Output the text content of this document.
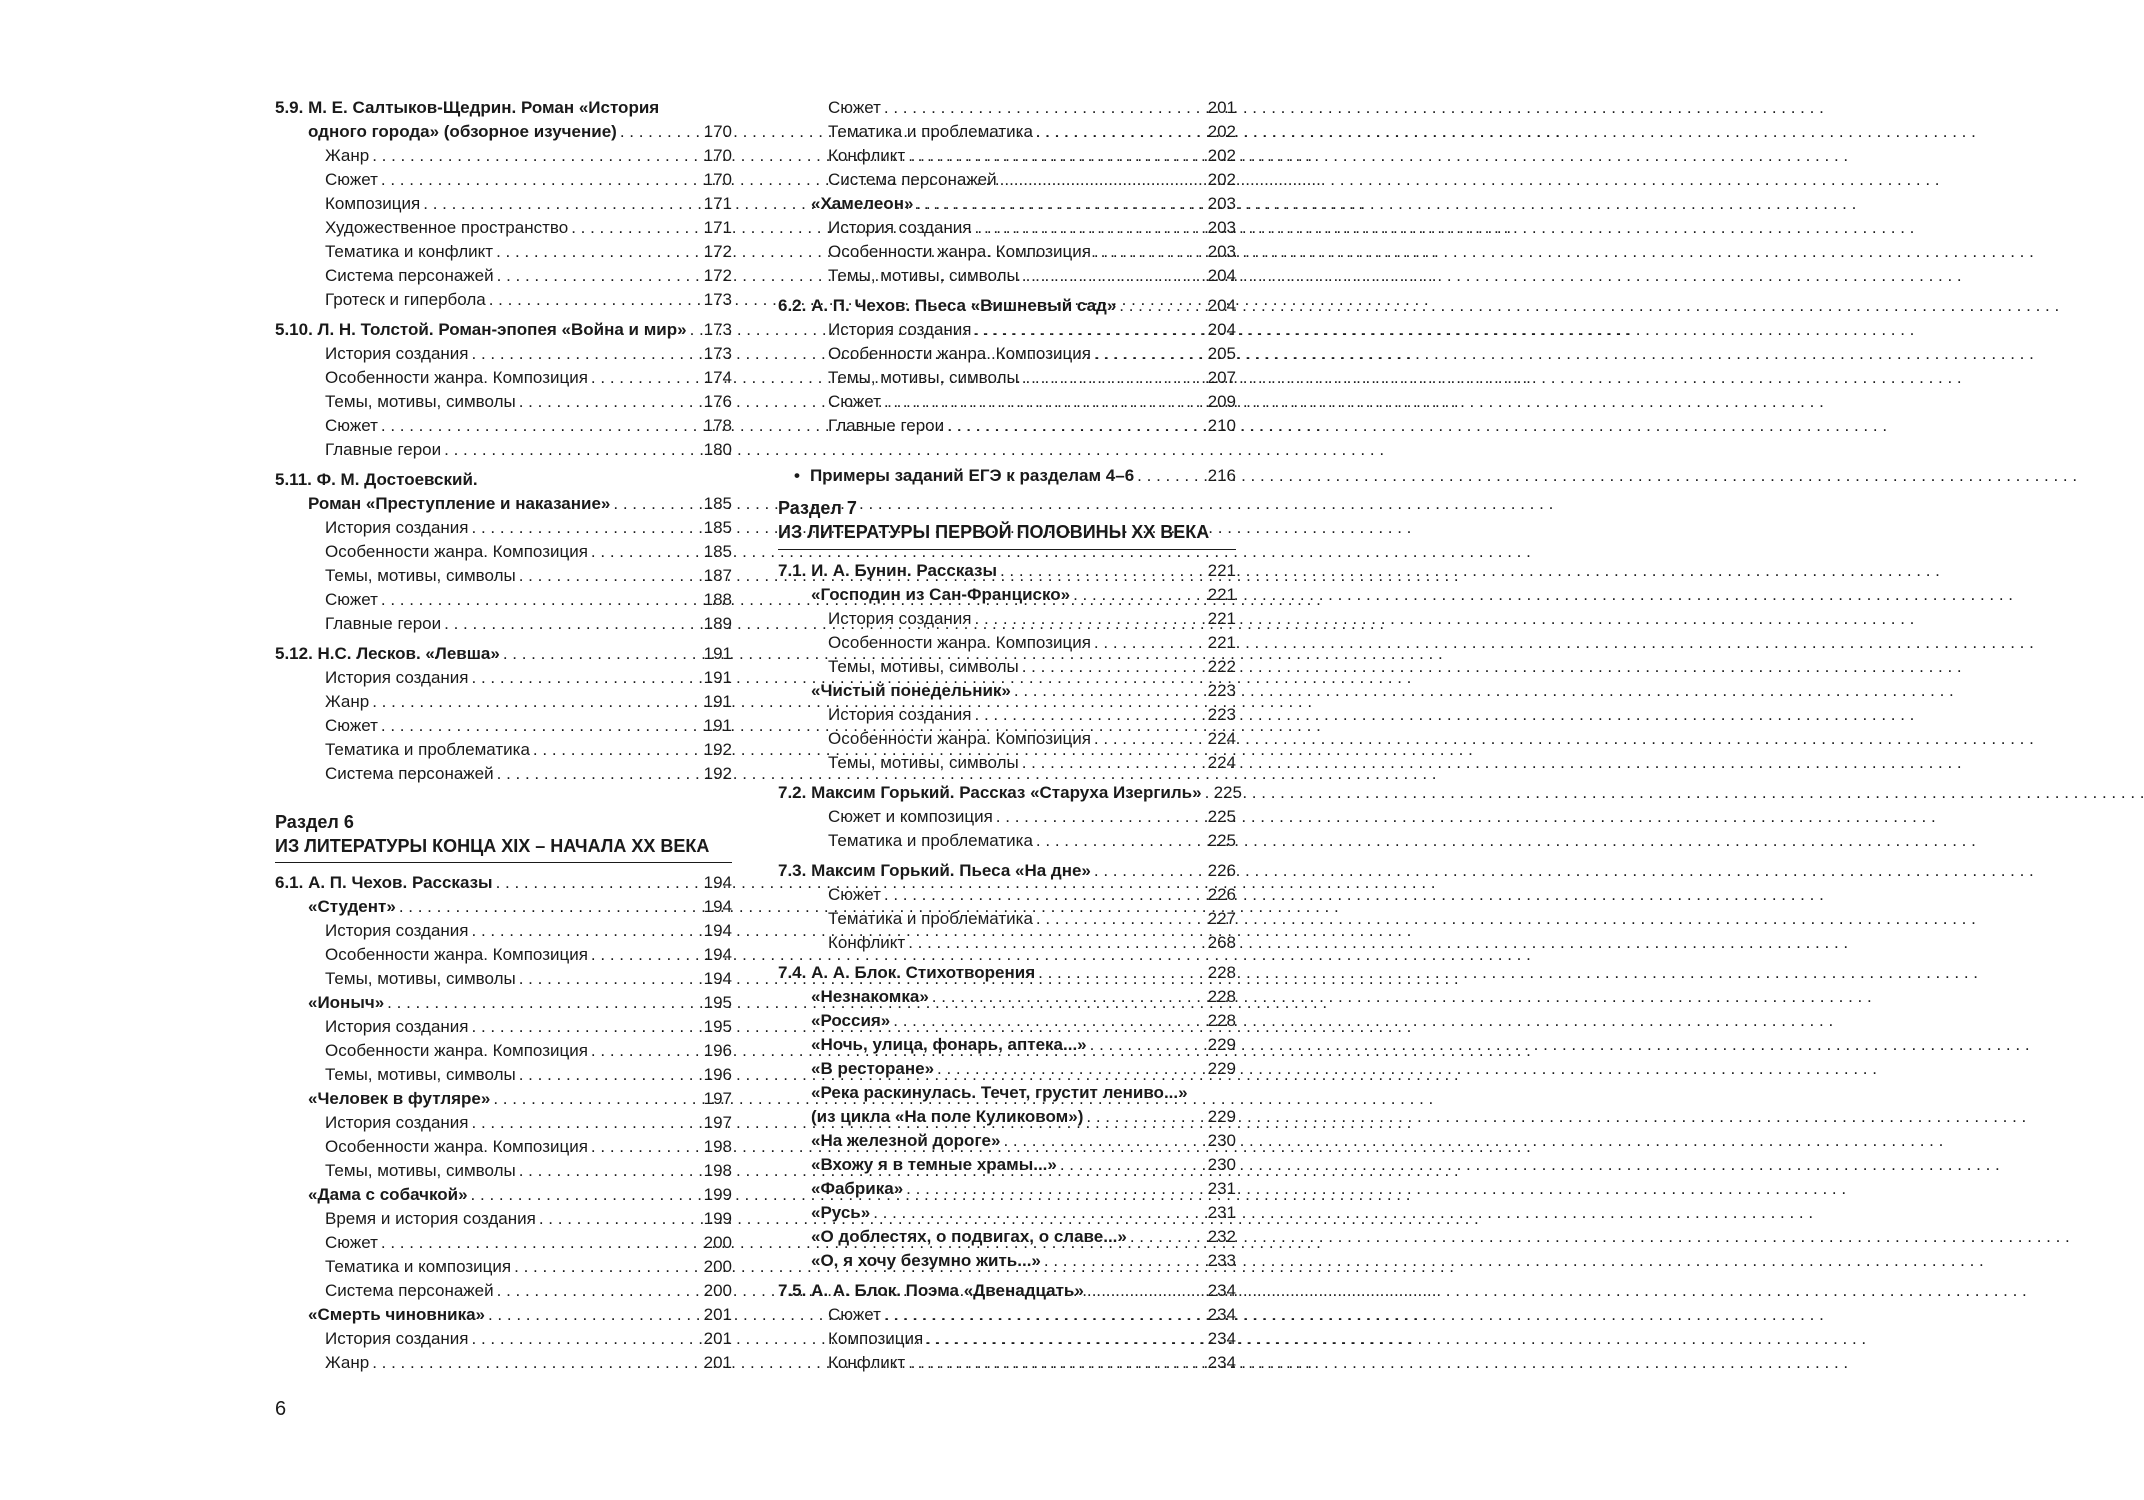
Раздел 6
ИЗ ЛИТЕРАТУРЫ КОНЦА XIX – НАЧАЛА XX ВЕКА
5.9. М. Е. Салтыков-Щедрин. Роман «История
одного города» (обзорное изучение) . . .	170
Жанр . . .	170
Сюжет . . .	170
Композиция . . .	171
Художественное пространство . . .	171
Тематика и конфликт . . .	172
Система персонажей . . .	172
Гротеск и гипербола . . .	173
5.10. Л. Н. Толстой. Роман-эпопея «Война и мир» . . . 173
История создания . . .	173
Особенности жанра. Композиция . . .	174
Темы, мотивы, символы . . .	176
Сюжет . . .	178
Главные герои . . .	180
5.11. Ф. М. Достоевский.
Роман «Преступление и наказание» . . .	185
История создания . . .	185
Особенности жанра. Композиция . . .	185
Темы, мотивы, символы . . .	187
Сюжет . . .	188
Главные герои . . .	189
5.12. Н.С. Лесков. «Левша» . . .	191
История создания . . .	191
Жанр . . .	191
Сюжет . . .	191
Тематика и проблематика . . .	192
Система персонажей . . .	192
6.1. А. П. Чехов. Рассказы . . .	194
«Студент» . . .	194
История создания . . .	194
Особенности жанра. Композиция . . .	194
Темы, мотивы, символы . . .	194
«Ионыч» . . .	195
История создания . . .	195
Особенности жанра. Композиция . . .	196
Темы, мотивы, символы . . .	196
«Человек в футляре» . . .	197
История создания . . .	197
Особенности жанра. Композиция . . .	198
Темы, мотивы, символы . . .	198
«Дама с собачкой» . . .	199
Время и история создания . . .	199
Сюжет . . .	200
Тематика и композиция . . .	200
Система персонажей . . .	200
«Смерть чиновника» . . .	201
История создания . . .	201
Жанр . . .	201
Раздел 7
ИЗ ЛИТЕРАТУРЫ ПЕРВОЙ ПОЛОВИНЫ XX ВЕКА
Сюжет . . .	201
Тематика и проблематика . . .	202
Конфликт . . .	202
Система персонажей . . .	202
«Хамелеон» . . .	203
История создания . . .	203
Особенности жанра. Композиция . . .	203
Темы, мотивы, символы . . .	204
6.2. А. П. Чехов. Пьеса «Вишневый сад» . . .	204
История создания . . .	204
Особенности жанра. Композиция . . .	205
Темы, мотивы, символы . . .	207
Сюжет . . .	209
Главные герои . . .	210
• Примеры заданий ЕГЭ к разделам 4–6 . . .	216
7.1. И. А. Бунин. Рассказы . . .	221
«Господин из Сан-Франциско» . . .	221
История создания . . .	221
Особенности жанра. Композиция . . .	221
Темы, мотивы, символы . . .	222
«Чистый понедельник» . . .	223
История создания . . .	223
Особенности жанра. Композиция . . .	224
Темы, мотивы, символы . . .	224
7.2. Максим Горький. Рассказ «Старуха Изергиль» . . . 225
Сюжет и композиция . . .	225
Тематика и проблематика . . .	225
7.3. Максим Горький. Пьеса «На дне» . . .	226
Сюжет . . .	226
Тематика и проблематика . . .	227
Конфликт . . .	268
7.4. А. А. Блок. Стихотворения . . .	228
«Незнакомка» . . .	228
«Россия» . . .	228
«Ночь, улица, фонарь, аптека...» . . .	229
«В ресторане» . . .	229
«Река раскинулась. Течет, грустит лениво...»
(из цикла «На поле Куликовом») . . .	229
«На железной дороге» . . .	230
«Вхожу я в темные храмы...» . . .	230
«Фабрика» . . .	231
«Русь» . . .	231
«О доблестях, о подвигах, о славе...» . . .	232
«О, я хочу безумно жить...» . . .	233
7.5. А. А. Блок. Поэма «Двенадцать» . . .	234
Сюжет . . .	234
Композиция . . .	234
Конфликт . . .	234
6
